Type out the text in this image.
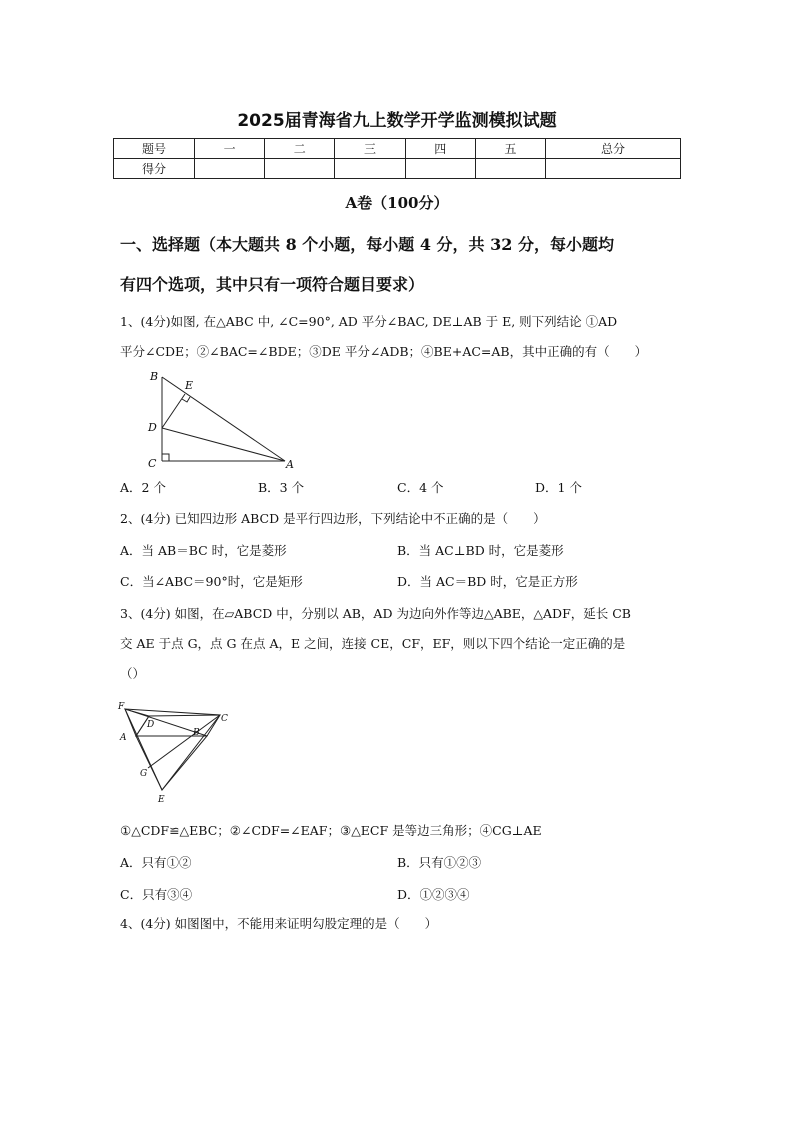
2025届青海省九上数学开学监测模拟试题
题号	一	二	三	四	五	总分
得分						
A卷（100分）
一、选择题（本大题共 8 个小题，每小题 4 分，共 32 分，每小题均
有四个选项，其中只有一项符合题目要求）
1、(4分)如图, 在△ABC 中, ∠C=90°, AD 平分∠BAC, DE⊥AB 于 E, 则下列结论 ①AD
平分∠CDE；②∠BAC=∠BDE；③DE 平分∠ADB；④BE+AC=AB，其中正确的有（　　）
B
E
D
C	A
A．2 个	B．3 个	C．4 个	D．1 个
2、(4分) 已知四边形 ABCD 是平行四边形，下列结论中不正确的是（　　）
A．当 AB＝BC 时，它是菱形	B．当 AC⊥BD 时，它是菱形
C．当∠ABC＝90°时，它是矩形	D．当 AC＝BD 时，它是正方形
3、(4分) 如图，在▱ABCD 中，分别以 AB，AD 为边向外作等边△ABE，△ADF，延长 CB
交 AE 于点 G，点 G 在点 A，E 之间，连接 CE，CF，EF，则以下四个结论一定正确的是
（）
F
D
C
A	B
G
E
①△CDF≌△EBC；②∠CDF=∠EAF；③△ECF 是等边三角形；④CG⊥AE
A．只有①②	B．只有①②③
C．只有③④	D．①②③④
4、(4分) 如图图中，不能用来证明勾股定理的是（　　）
